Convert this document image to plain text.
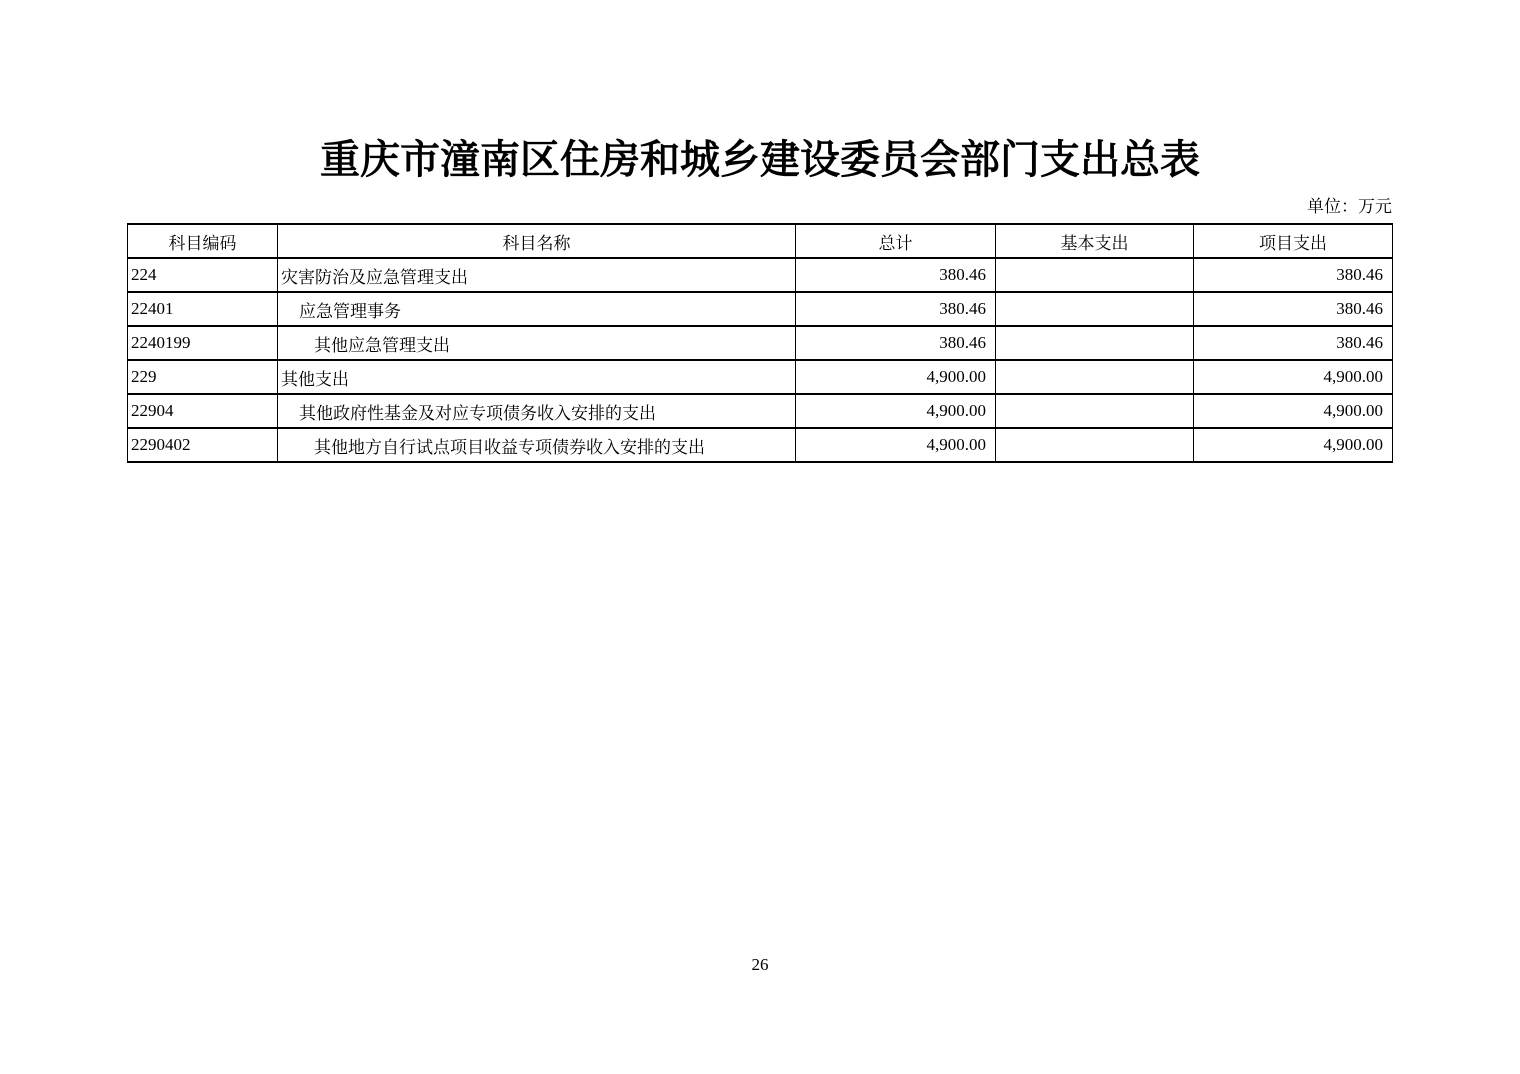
重庆市潼南区住房和城乡建设委员会部门支出总表
单位：万元
科目编码	科目名称	总计	基本支出	项目支出
224	灾害防治及应急管理支出	380.46		380.46
22401	应急管理事务	380.46		380.46
2240199	其他应急管理支出	380.46		380.46
229	其他支出	4,900.00		4,900.00
22904	其他政府性基金及对应专项债务收入安排的支出	4,900.00		4,900.00
2290402	其他地方自行试点项目收益专项债券收入安排的支出	4,900.00		4,900.00
26
